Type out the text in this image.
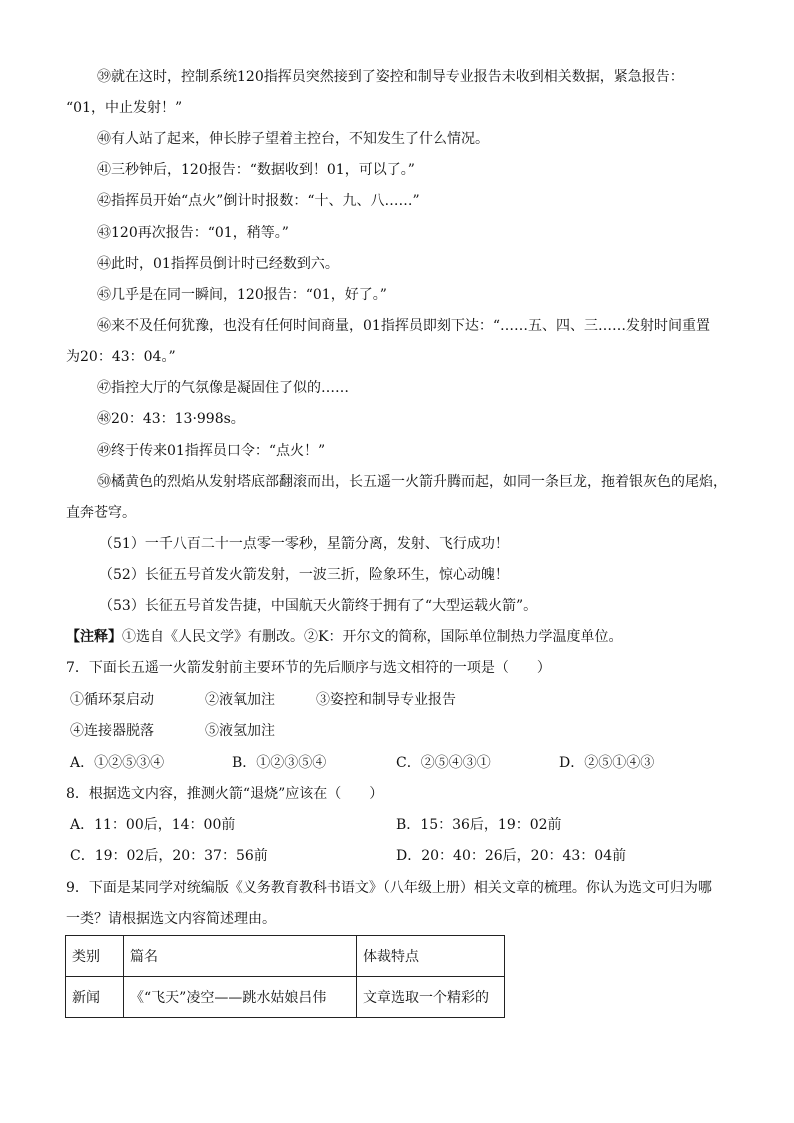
㊴就在这时，控制系统120指挥员突然接到了姿控和制导专业报告未收到相关数据，紧急报告：
“01，中止发射！”
㊵有人站了起来，伸长脖子望着主控台，不知发生了什么情况。
㊶三秒钟后，120报告：“数据收到！01，可以了。”
㊷指挥员开始“点火”倒计时报数：“十、九、八……”
㊸120再次报告：“01，稍等。”
㊹此时，01指挥员倒计时已经数到六。
㊺几乎是在同一瞬间，120报告：“01，好了。”
㊻来不及任何犹豫，也没有任何时间商量，01指挥员即刻下达：“……五、四、三……发射时间重置
为20：43：04。”
㊼指控大厅的气氛像是凝固住了似的……
㊽20：43：13·998s。
㊾终于传来01指挥员口令：“点火！”
㊿橘黄色的烈焰从发射塔底部翻滚而出，长五遥一火箭升腾而起，如同一条巨龙，拖着银灰色的尾焰，
直奔苍穹。
（51）一千八百二十一点零一零秒，星箭分离，发射、飞行成功！
（52）长征五号首发火箭发射，一波三折，险象环生，惊心动魄！
（53）长征五号首发告捷，中国航天火箭终于拥有了“大型运载火箭”。
【注释】①选自《人民文学》有删改。②K：开尔文的简称，国际单位制热力学温度单位。
7．下面长五遥一火箭发射前主要环节的先后顺序与选文相符的一项是（　　）
①循环泵启动	②液氧加注	③姿控和制导专业报告
④连接器脱落	⑤液氢加注
A．①②⑤③④	B．①②③⑤④	C．②⑤④③①	D．②⑤①④③
8．根据选文内容，推测火箭“退烧”应该在（　　）
A．11：00后，14：00前	B．15：36后，19：02前
C．19：02后，20：37：56前	D．20：40：26后，20：43：04前
9．下面是某同学对统编版《义务教育教科书语文》（八年级上册）相关文章的梳理。你认为选文可归为哪
一类？请根据选文内容简述理由。
类别	篇名	体裁特点
新闻	《“飞天”凌空——跳水姑娘吕伟	文章选取一个精彩的
